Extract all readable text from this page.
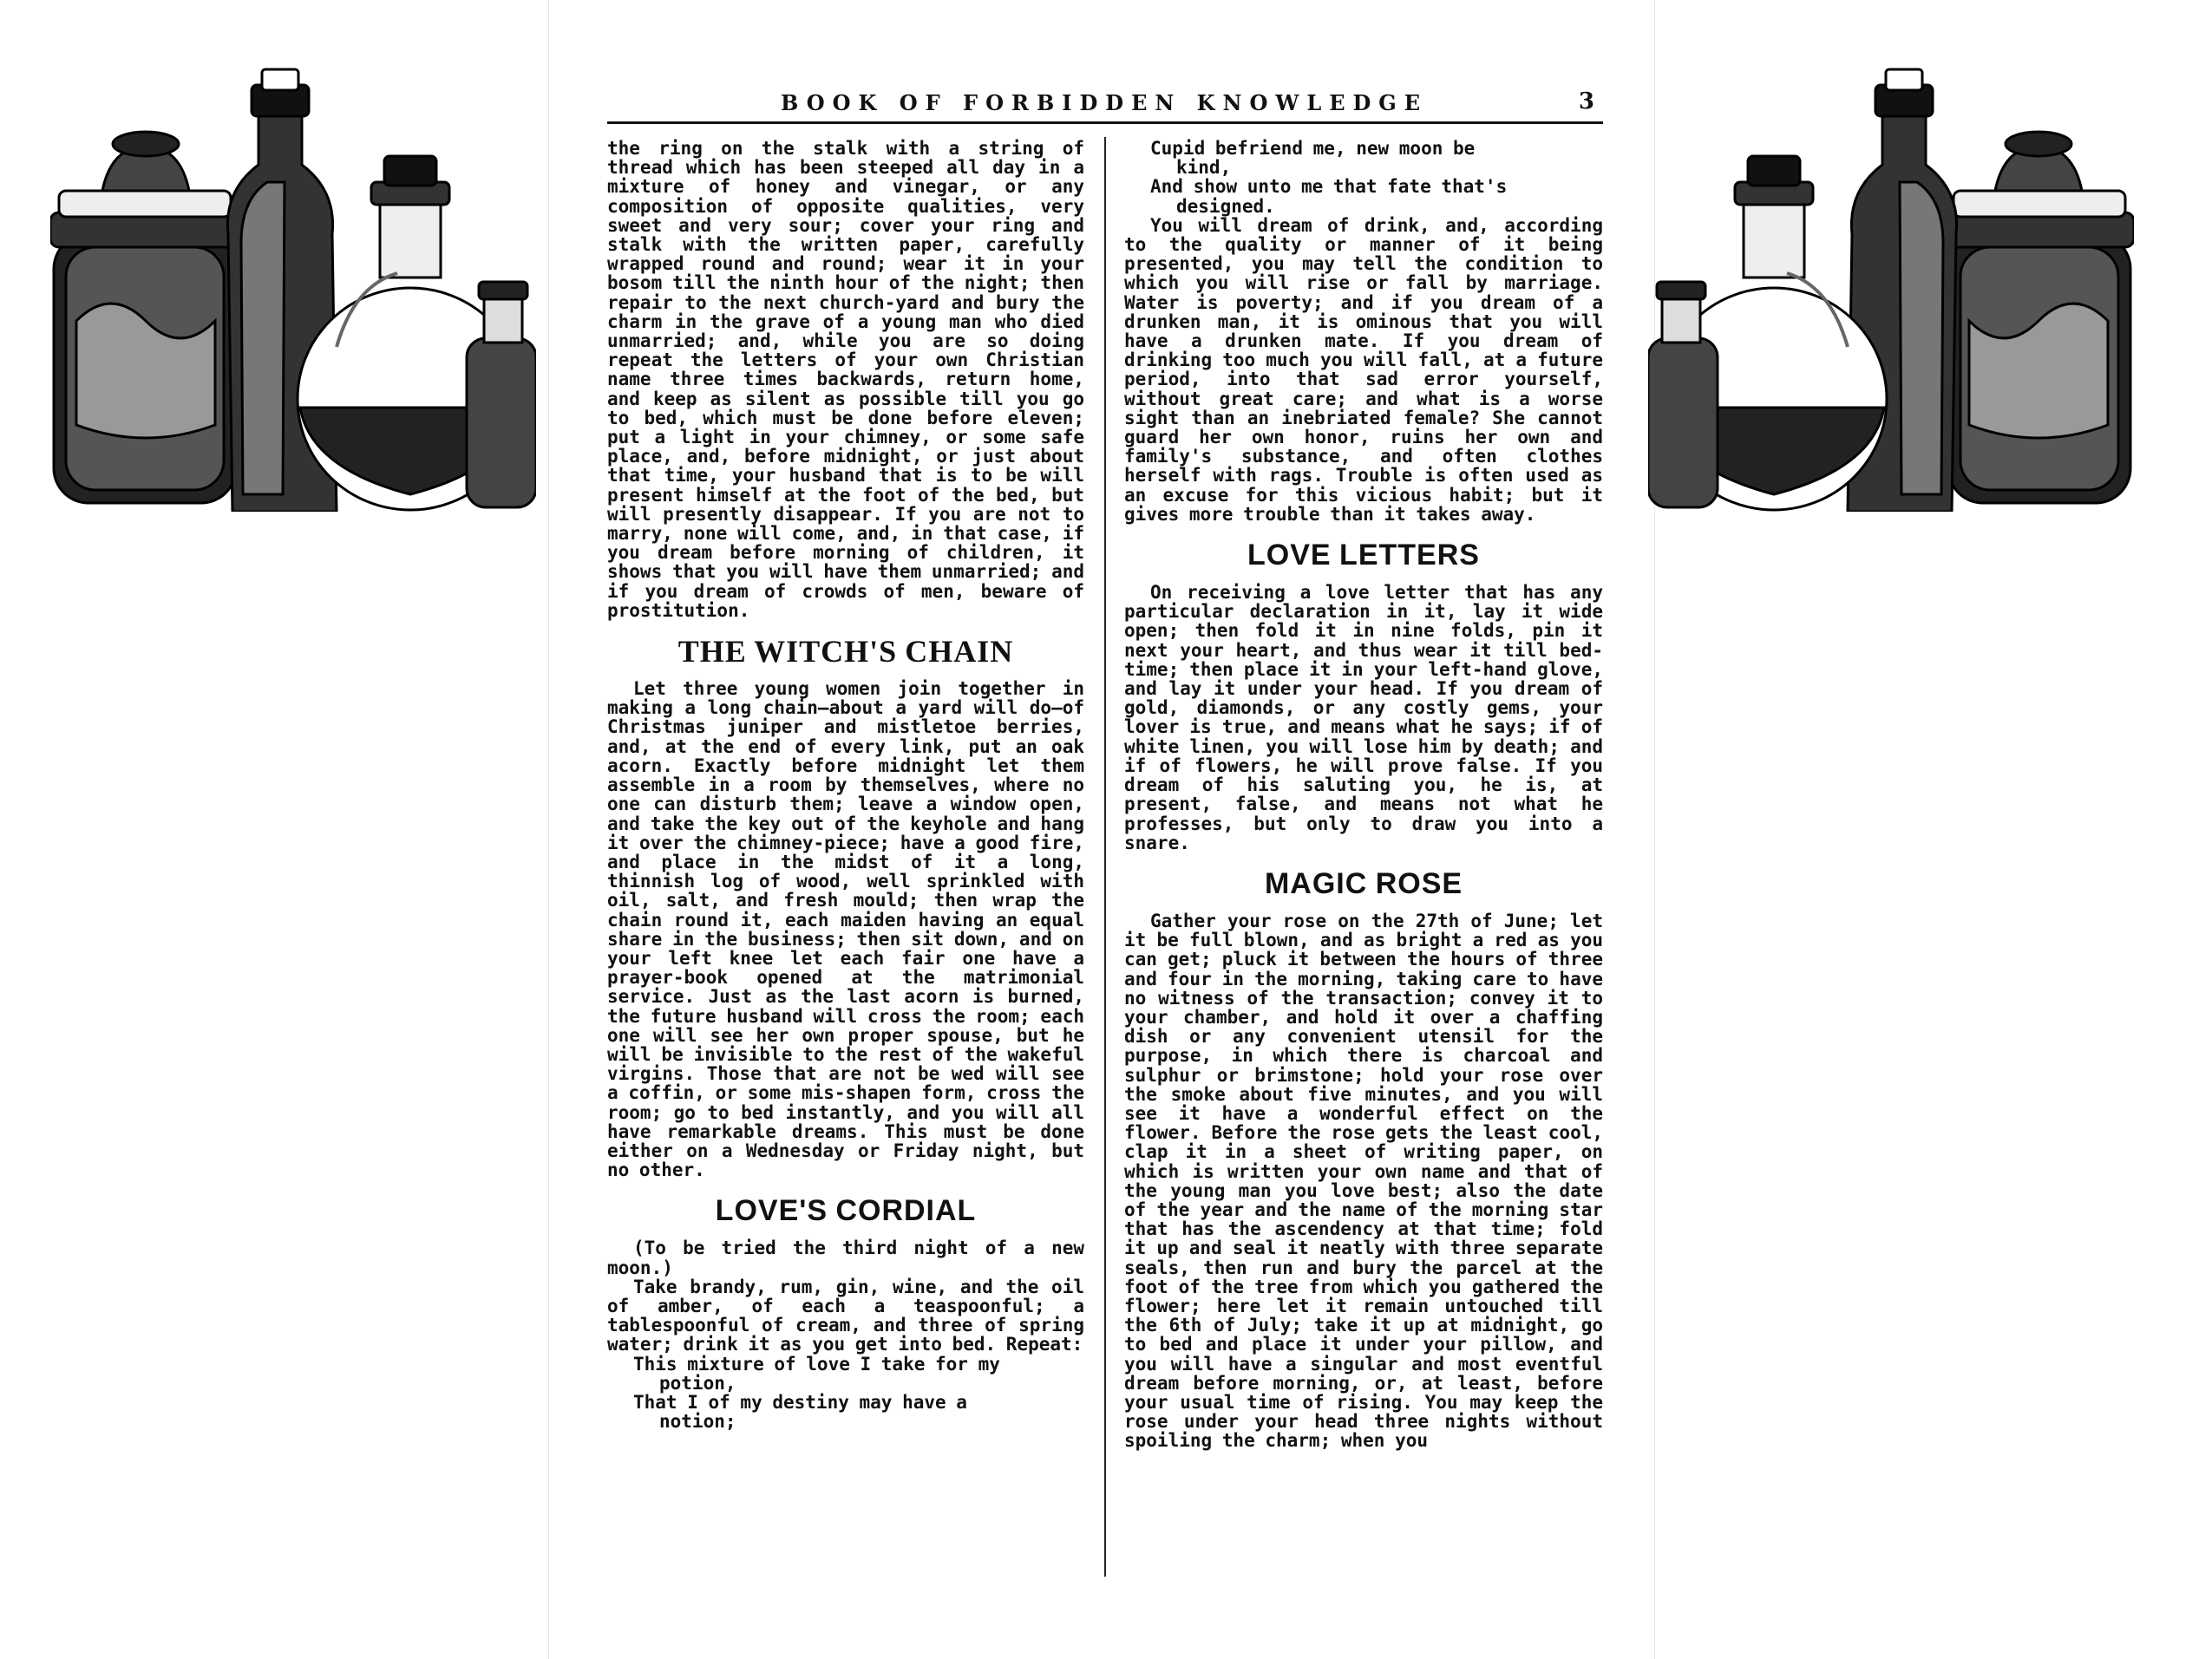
BOOK OF FORBIDDEN KNOWLEDGE	3

the ring on the stalk with a string of thread which has been steeped all day in a mixture of honey and vinegar, or any composition of opposite qualities, very sweet and very sour; cover your ring and stalk with the written paper, carefully wrapped round and round; wear it in your bosom till the ninth hour of the night; then repair to the next church-yard and bury the charm in the grave of a young man who died unmarried; and, while you are so doing repeat the letters of your own Christian name three times backwards, return home, and keep as silent as possible till you go to bed, which must be done before eleven; put a light in your chimney, or some safe place, and, before midnight, or just about that time, your husband that is to be will present himself at the foot of the bed, but will presently disappear. If you are not to marry, none will come, and, in that case, if you dream before morning of children, it shows that you will have them unmarried; and if you dream of crowds of men, beware of prostitution.

THE WITCH'S CHAIN

Let three young women join together in making a long chain—about a yard will do—of Christmas juniper and mistletoe berries, and, at the end of every link, put an oak acorn. Exactly before midnight let them assemble in a room by themselves, where no one can disturb them; leave a window open, and take the key out of the keyhole and hang it over the chimney-piece; have a good fire, and place in the midst of it a long, thinnish log of wood, well sprinkled with oil, salt, and fresh mould; then wrap the chain round it, each maiden having an equal share in the business; then sit down, and on your left knee let each fair one have a prayer-book opened at the matrimonial service. Just as the last acorn is burned, the future husband will cross the room; each one will see her own proper spouse, but he will be invisible to the rest of the wakeful virgins. Those that are not be wed will see a coffin, or some mis-shapen form, cross the room; go to bed instantly, and you will all have remarkable dreams. This must be done either on a Wednesday or Friday night, but no other.

LOVE'S CORDIAL

(To be tried the third night of a new moon.)

Take brandy, rum, gin, wine, and the oil of amber, of each a teaspoonful; a tablespoonful of cream, and three of spring water; drink it as you get into bed. Repeat:

This mixture of love I take for my
potion,

That I of my destiny may have a
notion;

Cupid befriend me, new moon be
kind,

And show unto me that fate that's
designed.

You will dream of drink, and, according to the quality or manner of it being presented, you may tell the condition to which you will rise or fall by marriage. Water is poverty; and if you dream of a drunken man, it is ominous that you will have a drunken mate. If you dream of drinking too much you will fall, at a future period, into that sad error yourself, without great care; and what is a worse sight than an inebriated female? She cannot guard her own honor, ruins her own and family's substance, and often clothes herself with rags. Trouble is often used as an excuse for this vicious habit; but it gives more trouble than it takes away.

LOVE LETTERS

On receiving a love letter that has any particular declaration in it, lay it wide open; then fold it in nine folds, pin it next your heart, and thus wear it till bed-time; then place it in your left-hand glove, and lay it under your head. If you dream of gold, diamonds, or any costly gems, your lover is true, and means what he says; if of white linen, you will lose him by death; and if of flowers, he will prove false. If you dream of his saluting you, he is, at present, false, and means not what he professes, but only to draw you into a snare.

MAGIC ROSE

Gather your rose on the 27th of June; let it be full blown, and as bright a red as you can get; pluck it between the hours of three and four in the morning, taking care to have no witness of the transaction; convey it to your chamber, and hold it over a chaffing dish or any convenient utensil for the purpose, in which there is charcoal and sulphur or brimstone; hold your rose over the smoke about five minutes, and you will see it have a wonderful effect on the flower. Before the rose gets the least cool, clap it in a sheet of writing paper, on which is written your own name and that of the young man you love best; also the date of the year and the name of the morning star that has the ascendency at that time; fold it up and seal it neatly with three separate seals, then run and bury the parcel at the foot of the tree from which you gathered the flower; here let it remain untouched till the 6th of July; take it up at midnight, go to bed and place it under your pillow, and you will have a singular and most eventful dream before morning, or, at least, before your usual time of rising. You may keep the rose under your head three nights without spoiling the charm; when you
